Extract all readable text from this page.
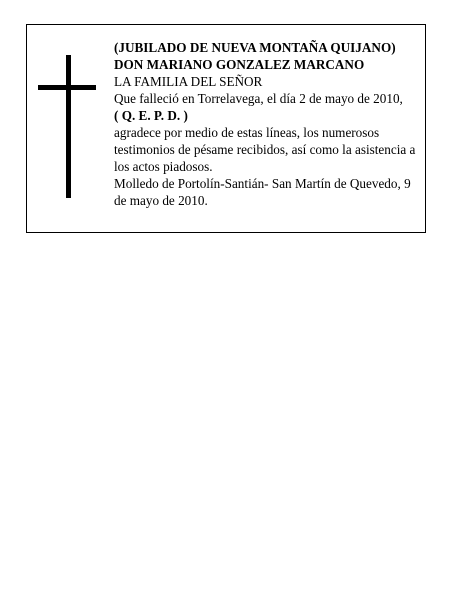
(JUBILADO DE NUEVA MONTAÑA QUIJANO)
DON MARIANO GONZALEZ MARCANO
LA FAMILIA DEL SEÑOR
Que falleció en Torrelavega, el día 2 de mayo de 2010,
( Q. E. P. D. )
agradece por medio de estas líneas, los numerosos testimonios de pésame recibidos, así como la asistencia a los actos piadosos.
Molledo de Portolín-Santián- San Martín de Quevedo, 9 de mayo de 2010.
